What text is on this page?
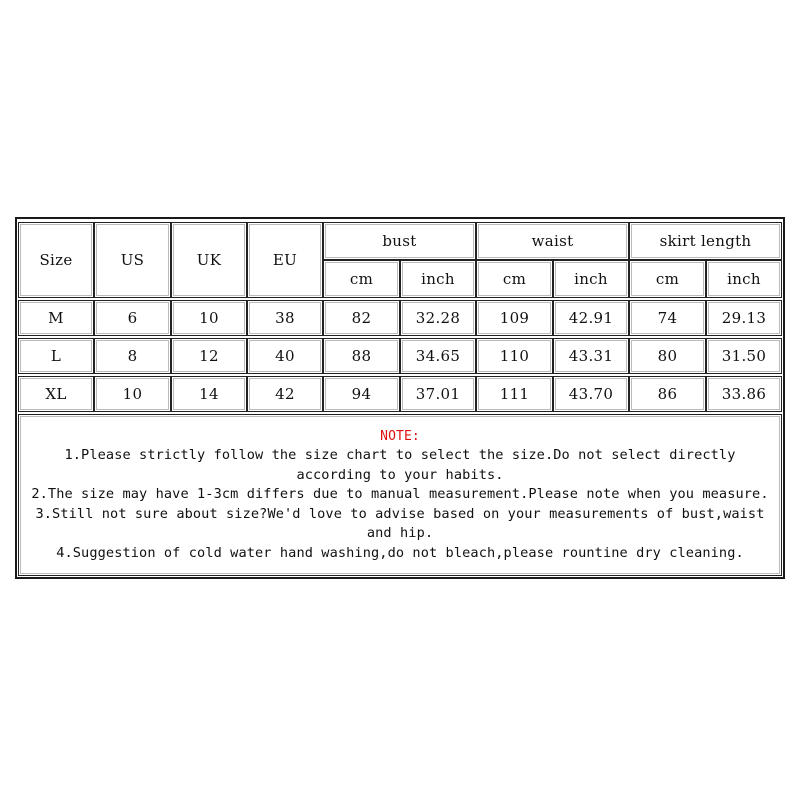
Size	US	UK	EU
bust	waist	skirt length
cm	inch	cm	inch	cm	inch
M	6	10	38	82	32.28	109	42.91	74	29.13
L	8	12	40	88	34.65	110	43.31	80	31.50
XL	10	14	42	94	37.01	111	43.70	86	33.86
NOTE:
1.Please strictly follow the size chart to select the size.Do not select directly according to your habits.
2.The size may have 1-3cm differs due to manual measurement.Please note when you measure.
3.Still not sure about size?We'd love to advise based on your measurements of bust,waist and hip.
4.Suggestion of cold water hand washing,do not bleach,please rountine dry cleaning.
